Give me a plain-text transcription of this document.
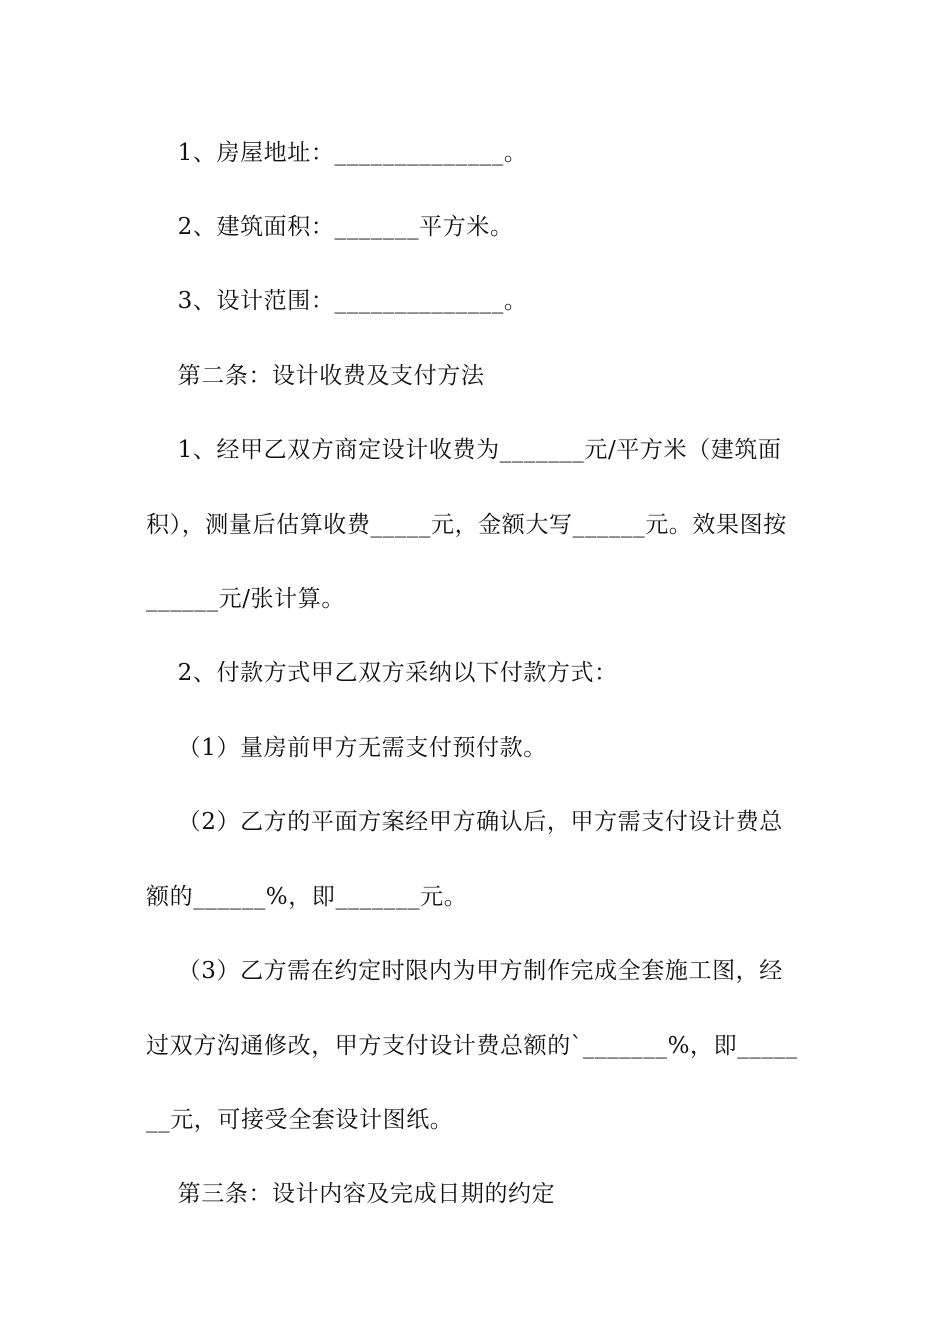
1、房屋地址：______________。
2、建筑面积：_______平方米。
3、设计范围：______________。
第二条：设计收费及支付方法
1、经甲乙双方商定设计收费为_______元/平方米（建筑面
积），测量后估算收费_____元，金额大写______元。效果图按
______元/张计算。
2、付款方式甲乙双方采纳以下付款方式：
（1）量房前甲方无需支付预付款。
（2）乙方的平面方案经甲方确认后，甲方需支付设计费总
额的______%，即_______元。
（3）乙方需在约定时限内为甲方制作完成全套施工图，经
过双方沟通修改，甲方支付设计费总额的`_______%，即_____
__元，可接受全套设计图纸。
第三条：设计内容及完成日期的约定
